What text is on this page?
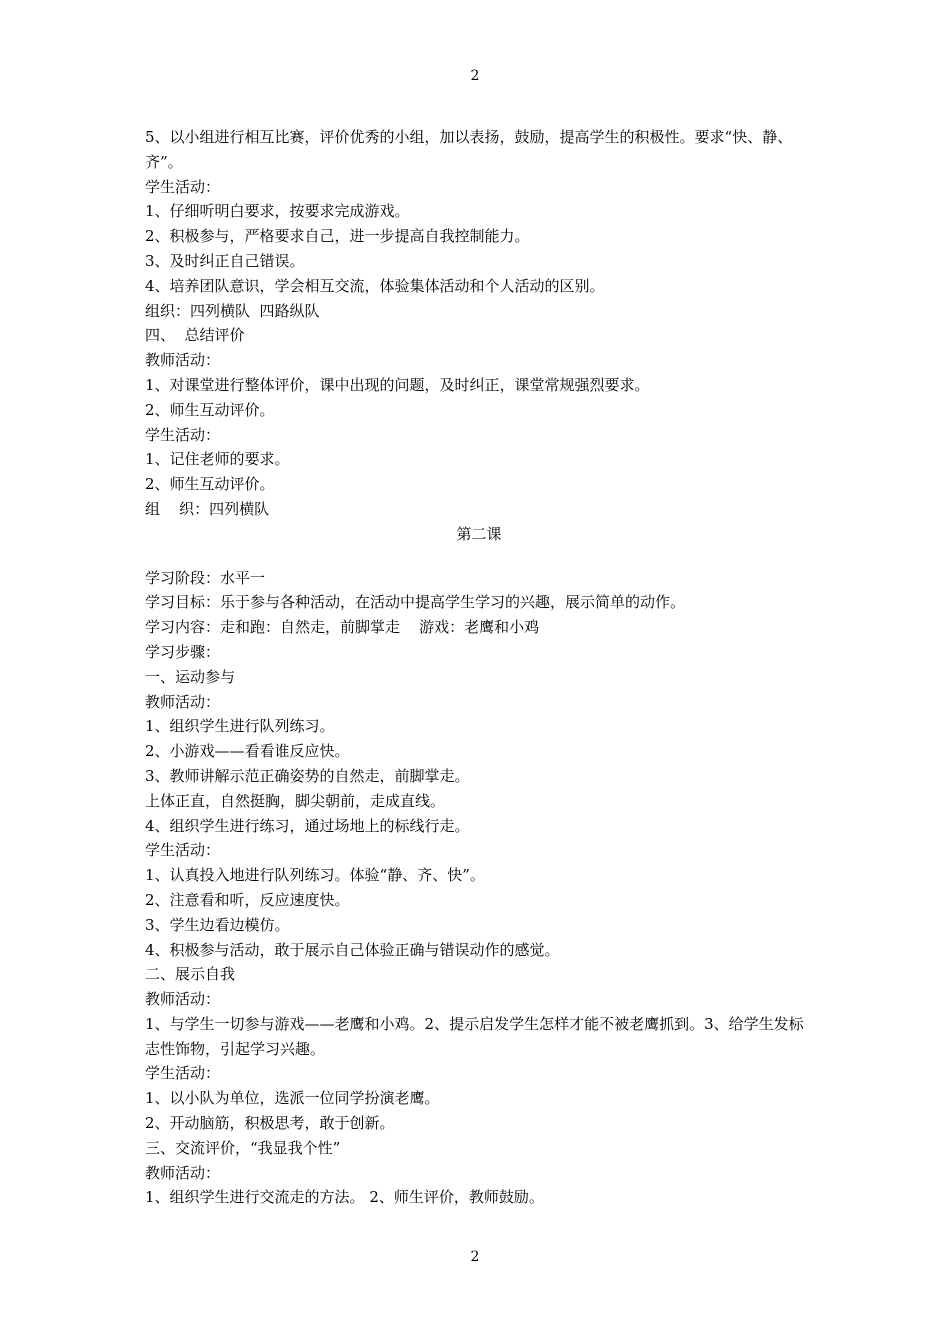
2
5、以小组进行相互比赛，评价优秀的小组，加以表扬，鼓励，提高学生的积极性。要求“快、静、齐”。
学生活动：
1、仔细听明白要求，按要求完成游戏。
2、积极参与，严格要求自己，进一步提高自我控制能力。
3、及时纠正自己错误。
4、培养团队意识，学会相互交流，体验集体活动和个人活动的区别。
组织：四列横队  四路纵队
四、  总结评价
教师活动：
1、对课堂进行整体评价，课中出现的问题，及时纠正，课堂常规强烈要求。
2、师生互动评价。
学生活动：
1、记住老师的要求。
2、师生互动评价。
组    织：四列横队
第二课
学习阶段：水平一
学习目标：乐于参与各种活动，在活动中提高学生学习的兴趣，展示简单的动作。
学习内容：走和跑：自然走，前脚掌走    游戏：老鹰和小鸡
学习步骤：
一、运动参与
教师活动：
1、组织学生进行队列练习。
2、小游戏——看看谁反应快。
3、教师讲解示范正确姿势的自然走，前脚掌走。
上体正直，自然挺胸，脚尖朝前，走成直线。
4、组织学生进行练习，通过场地上的标线行走。
学生活动：
1、认真投入地进行队列练习。体验“静、齐、快”。
2、注意看和听，反应速度快。
3、学生边看边模仿。
4、积极参与活动，敢于展示自己体验正确与错误动作的感觉。
二、展示自我
教师活动：
1、与学生一切参与游戏——老鹰和小鸡。2、提示启发学生怎样才能不被老鹰抓到。3、给学生发标志性饰物，引起学习兴趣。
学生活动：
1、以小队为单位，选派一位同学扮演老鹰。
2、开动脑筋，积极思考，敢于创新。
三、交流评价，“我显我个性”
教师活动：
1、组织学生进行交流走的方法。 2、师生评价，教师鼓励。
2
